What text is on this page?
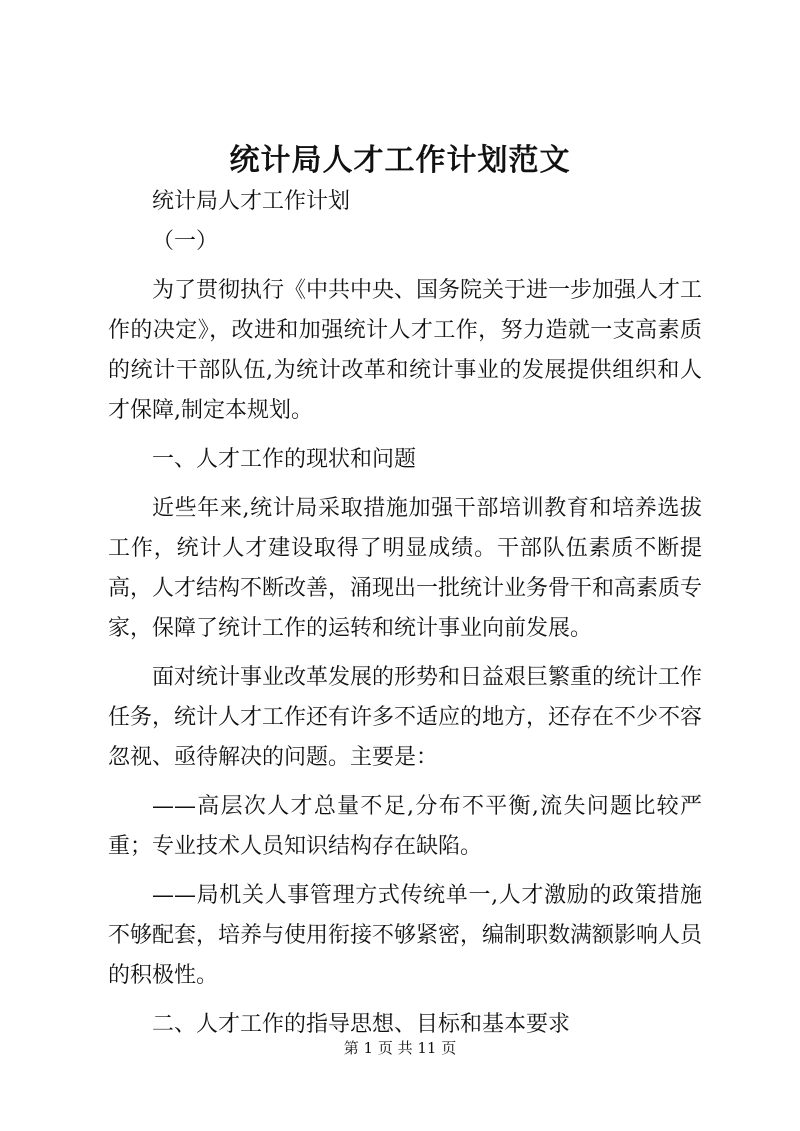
统计局人才工作计划范文

统计局人才工作计划

（一）

为了贯彻执行《中共中央、国务院关于进一步加强人才工作的决定》，改进和加强统计人才工作，努力造就一支高素质的统计干部队伍,为统计改革和统计事业的发展提供组织和人才保障,制定本规划。

一、人才工作的现状和问题

近些年来,统计局采取措施加强干部培训教育和培养选拔工作，统计人才建设取得了明显成绩。干部队伍素质不断提高，人才结构不断改善，涌现出一批统计业务骨干和高素质专家，保障了统计工作的运转和统计事业向前发展。

面对统计事业改革发展的形势和日益艰巨繁重的统计工作任务，统计人才工作还有许多不适应的地方，还存在不少不容忽视、亟待解决的问题。主要是：

——高层次人才总量不足,分布不平衡,流失问题比较严重；专业技术人员知识结构存在缺陷。

——局机关人事管理方式传统单一,人才激励的政策措施不够配套，培养与使用衔接不够紧密，编制职数满额影响人员的积极性。

二、人才工作的指导思想、目标和基本要求

第 1 页 共 11 页
